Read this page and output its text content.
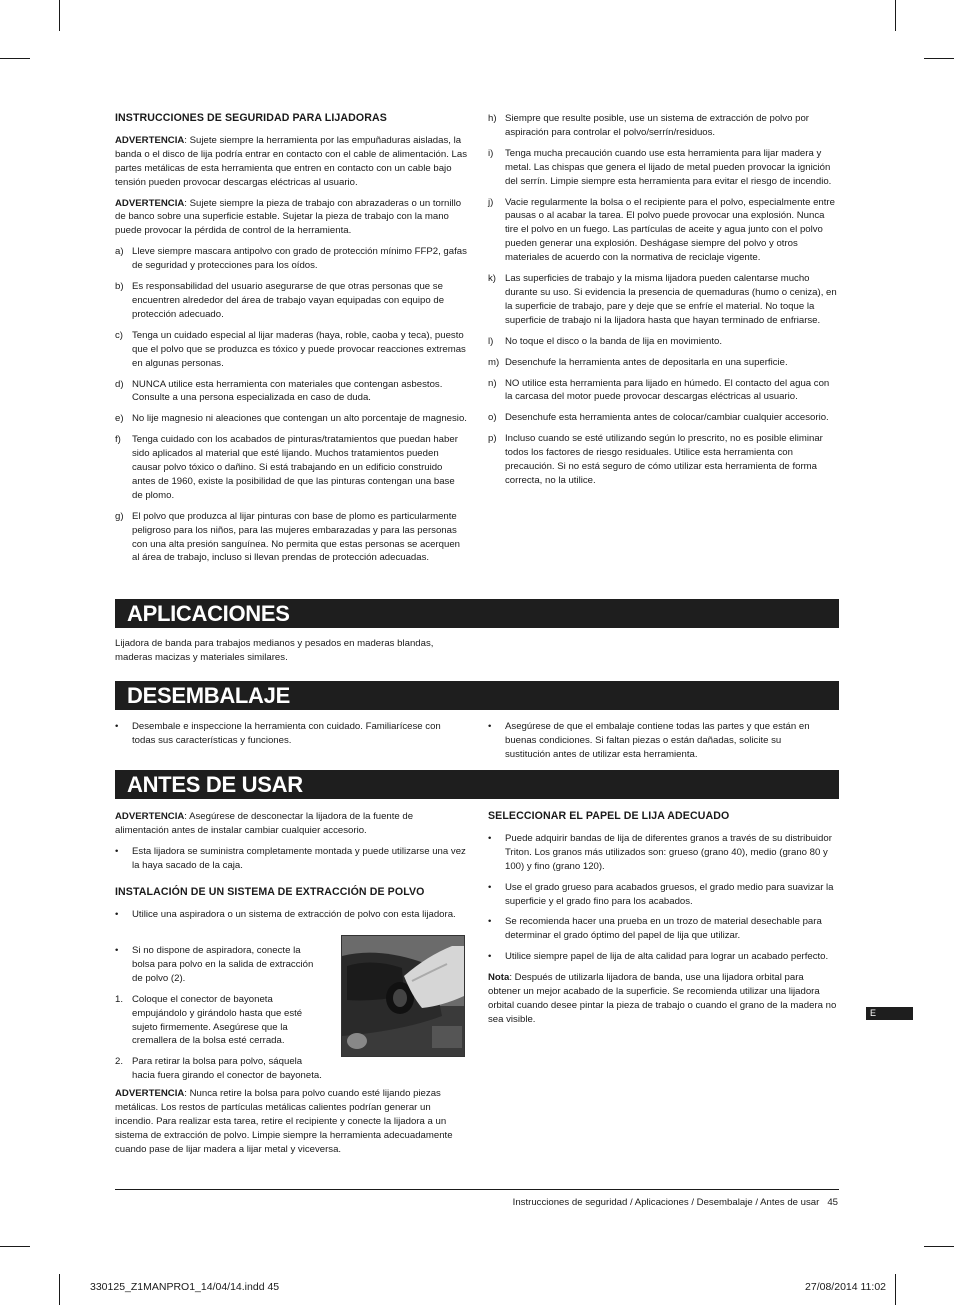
INSTRUCCIONES DE SEGURIDAD PARA LIJADORAS

ADVERTENCIA: Sujete siempre la herramienta por las empuñaduras aisladas, la banda o el disco de lija podría entrar en contacto con el cable de alimentación. Las partes metálicas de esta herramienta que entren en contacto con un cable bajo tensión pueden provocar descargas eléctricas al usuario.

ADVERTENCIA: Sujete siempre la pieza de trabajo con abrazaderas o un tornillo de banco sobre una superficie estable. Sujetar la pieza de trabajo con la mano puede provocar la pérdida de control de la herramienta.

a) Lleve siempre mascara antipolvo con grado de protección mínimo FFP2, gafas de seguridad y protecciones para los oídos.
b) Es responsabilidad del usuario asegurarse de que otras personas que se encuentren alrededor del área de trabajo vayan equipadas con equipo de protección adecuado.
c) Tenga un cuidado especial al lijar maderas (haya, roble, caoba y teca), puesto que el polvo que se produzca es tóxico y puede provocar reacciones extremas en algunas personas.
d) NUNCA utilice esta herramienta con materiales que contengan asbestos. Consulte a una persona especializada en caso de duda.
e) No lije magnesio ni aleaciones que contengan un alto porcentaje de magnesio.
f) Tenga cuidado con los acabados de pinturas/tratamientos que puedan haber sido aplicados al material que esté lijando. Muchos tratamientos pueden causar polvo tóxico o dañino. Si está trabajando en un edificio construido antes de 1960, existe la posibilidad de que las pinturas contengan una base de plomo.
g) El polvo que produzca al lijar pinturas con base de plomo es particularmente peligroso para los niños, para las mujeres embarazadas y para las personas con una alta presión sanguínea. No permita que estas personas se acerquen al área de trabajo, incluso si llevan prendas de protección adecuadas.
h) Siempre que resulte posible, use un sistema de extracción de polvo por aspiración para controlar el polvo/serrín/residuos.
i) Tenga mucha precaución cuando use esta herramienta para lijar madera y metal. Las chispas que genera el lijado de metal pueden provocar la ignición del serrín. Limpie siempre esta herramienta para evitar el riesgo de incendio.
j) Vacie regularmente la bolsa o el recipiente para el polvo, especialmente entre pausas o al acabar la tarea. El polvo puede provocar una explosión. Nunca tire el polvo en un fuego. Las partículas de aceite y agua junto con el polvo pueden generar una explosión. Deshágase siempre del polvo y otros materiales de acuerdo con la normativa de reciclaje vigente.
k) Las superficies de trabajo y la misma lijadora pueden calentarse mucho durante su uso. Si evidencia la presencia de quemaduras (humo o ceniza), en la superficie de trabajo, pare y deje que se enfríe el material. No toque la superficie de trabajo ni la lijadora hasta que hayan terminado de enfriarse.
l) No toque el disco o la banda de lija en movimiento.
m) Desenchufe la herramienta antes de depositarla en una superficie.
n) NO utilice esta herramienta para lijado en húmedo. El contacto del agua con la carcasa del motor puede provocar descargas eléctricas al usuario.
o) Desenchufe esta herramienta antes de colocar/cambiar cualquier accesorio.
p) Incluso cuando se esté utilizando según lo prescrito, no es posible eliminar todos los factores de riesgo residuales. Utilice esta herramienta con precaución. Si no está seguro de cómo utilizar esta herramienta de forma correcta, no la utilice.
APLICACIONES

Lijadora de banda para trabajos medianos y pesados en maderas blandas, maderas macizas y materiales similares.

DESEMBALAJE
• Desembale e inspeccione la herramienta con cuidado. Familiarícese con todas sus características y funciones.
• Asegúrese de que el embalaje contiene todas las partes y que están en buenas condiciones. Si faltan piezas o están dañadas, solicite su sustitución antes de utilizar esta herramienta.
ANTES DE USAR

ADVERTENCIA: Asegúrese de desconectar la lijadora de la fuente de alimentación antes de instalar cambiar cualquier accesorio.

• Esta lijadora se suministra completamente montada y puede utilizarse una vez la haya sacado de la caja.
INSTALACIÓN DE UN SISTEMA DE EXTRACCIÓN DE POLVO
• Utilice una aspiradora o un sistema de extracción de polvo con esta lijadora.
• Si no dispone de aspiradora, conecte la bolsa para polvo en la salida de extracción de polvo (2).
1. Coloque el conector de bayoneta empujándolo y girándolo hasta que esté sujeto firmemente. Asegúrese que la cremallera de la bolsa esté cerrada.
2. Para retirar la bolsa para polvo, sáquela hacia fuera girando el conector de bayoneta.

ADVERTENCIA: Nunca retire la bolsa para polvo cuando esté lijando piezas metálicas. Los restos de partículas metálicas calientes podrían generar un incendio. Para realizar esta tarea, retire el recipiente y conecte la lijadora a un sistema de extracción de polvo. Limpie siempre la herramienta adecuadamente cuando pase de lijar madera a lijar metal y viceversa.

SELECCIONAR EL PAPEL DE LIJA ADECUADO
• Puede adquirir bandas de lija de diferentes granos a través de su distribuidor Triton. Los granos más utilizados son: grueso (grano 40), medio (grano 80 y 100) y fino (grano 120).
• Use el grado grueso para acabados gruesos, el grado medio para suavizar la superficie y el grado fino para los acabados.
• Se recomienda hacer una prueba en un trozo de material desechable para determinar el grado óptimo del papel de lija que utilizar.
• Utilice siempre papel de lija de alta calidad para lograr un acabado perfecto.

Nota: Después de utilizarla lijadora de banda, use una lijadora orbital para obtener un mejor acabado de la superficie. Se recomienda utilizar una lijadora orbital cuando desee pintar la pieza de trabajo o cuando el grano de la madera no sea visible.

E
Instrucciones de seguridad / Aplicaciones / Desembalaje / Antes de usar 45
330125_Z1MANPRO1_14/04/14.indd 45	27/08/2014 11:02
